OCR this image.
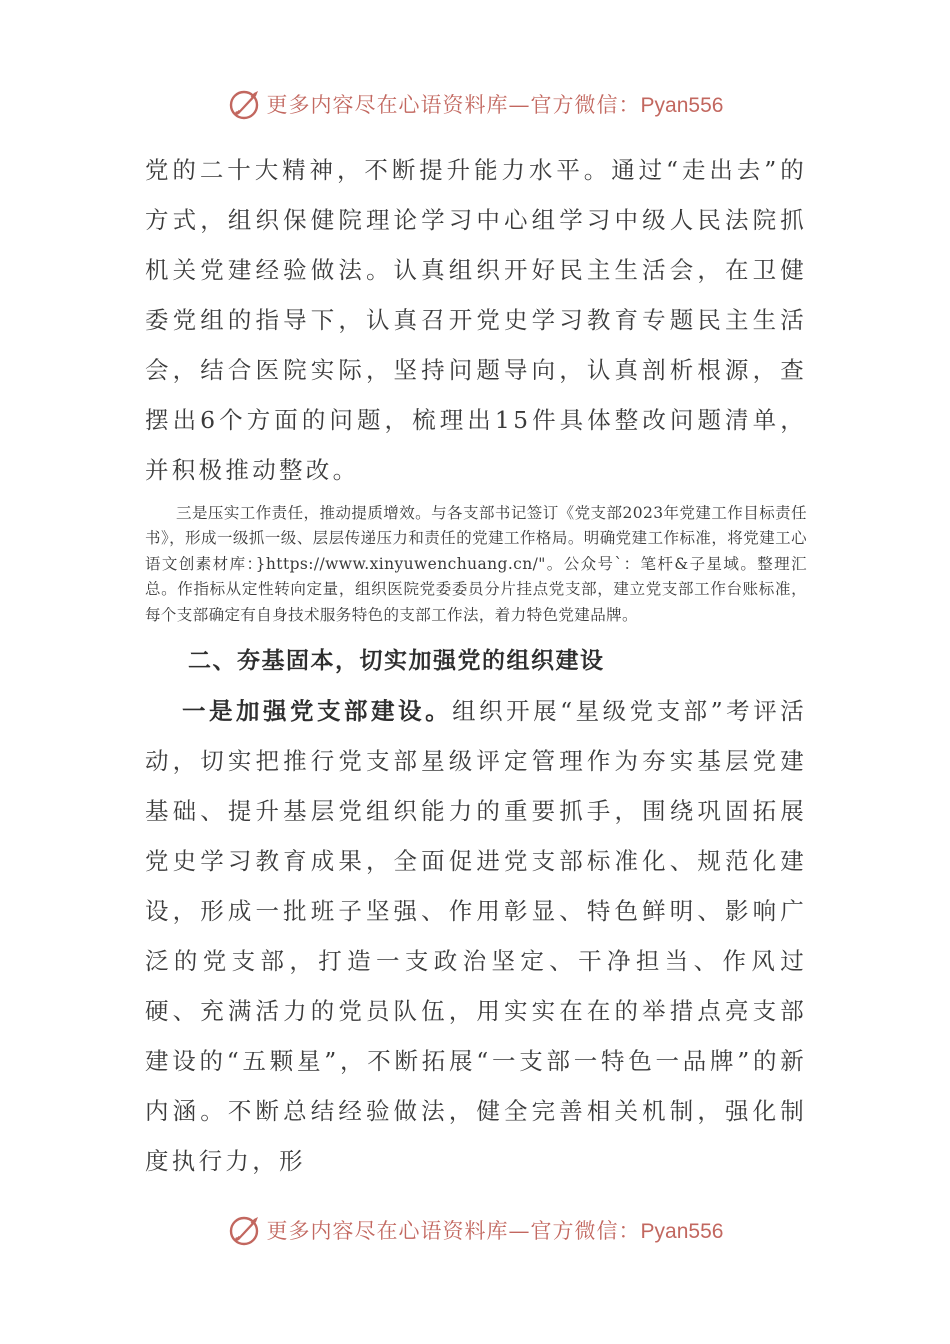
更多内容尽在心语资料库—官方微信：Pyan556

党的二十大精神，不断提升能力水平。通过“走出去”的方式，组织保健院理论学习中心组学习中级人民法院抓机关党建经验做法。认真组织开好民主生活会，在卫健委党组的指导下，认真召开党史学习教育专题民主生活会，结合医院实际，坚持问题导向，认真剖析根源，查摆出6个方面的问题，梳理出15件具体整改问题清单，并积极推动整改。

三是压实工作责任，推动提质增效。与各支部书记签订《党支部2023年党建工作目标责任书》，形成一级抓一级、层层传递压力和责任的党建工作格局。明确党建工作标准，将党建工心语文创素材库：}https://www.xinyuwenchuang.cn/"。公众号`：笔杆&子星域。整理汇总。作指标从定性转向定量，组织医院党委委员分片挂点党支部，建立党支部工作台账标准，每个支部确定有自身技术服务特色的支部工作法，着力特色党建品牌。

二、夯基固本，切实加强党的组织建设

一是加强党支部建设。组织开展“星级党支部”考评活动，切实把推行党支部星级评定管理作为夯实基层党建基础、提升基层党组织能力的重要抓手，围绕巩固拓展党史学习教育成果，全面促进党支部标准化、规范化建设，形成一批班子坚强、作用彰显、特色鲜明、影响广泛的党支部，打造一支政治坚定、干净担当、作风过硬、充满活力的党员队伍，用实实在在的举措点亮支部建设的“五颗星”，不断拓展“一支部一特色一品牌”的新内涵。不断总结经验做法，健全完善相关机制，强化制度执行力，形

更多内容尽在心语资料库—官方微信：Pyan556
